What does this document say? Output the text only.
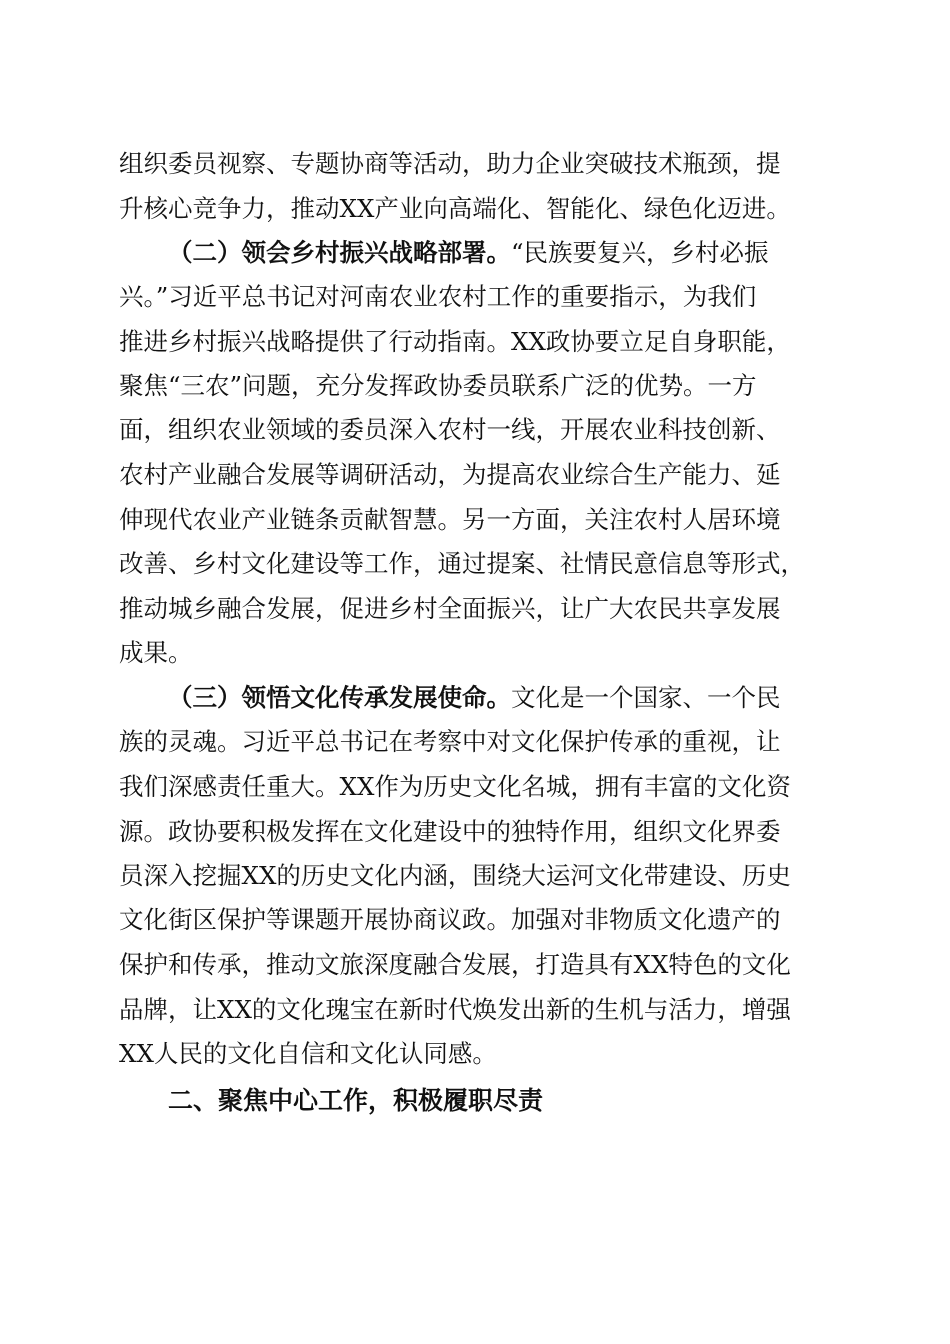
组织委员视察、专题协商等活动，助力企业突破技术瓶颈，提
升核心竞争力，推动XX产业向高端化、智能化、绿色化迈进。
（二）领会乡村振兴战略部署。“民族要复兴，乡村必振
兴。”习近平总书记对河南农业农村工作的重要指示，为我们
推进乡村振兴战略提供了行动指南。XX政协要立足自身职能，
聚焦“三农”问题，充分发挥政协委员联系广泛的优势。一方
面，组织农业领域的委员深入农村一线，开展农业科技创新、
农村产业融合发展等调研活动，为提高农业综合生产能力、延
伸现代农业产业链条贡献智慧。另一方面，关注农村人居环境
改善、乡村文化建设等工作，通过提案、社情民意信息等形式，
推动城乡融合发展，促进乡村全面振兴，让广大农民共享发展
成果。
（三）领悟文化传承发展使命。文化是一个国家、一个民
族的灵魂。习近平总书记在考察中对文化保护传承的重视，让
我们深感责任重大。XX作为历史文化名城，拥有丰富的文化资
源。政协要积极发挥在文化建设中的独特作用，组织文化界委
员深入挖掘XX的历史文化内涵，围绕大运河文化带建设、历史
文化街区保护等课题开展协商议政。加强对非物质文化遗产的
保护和传承，推动文旅深度融合发展，打造具有XX特色的文化
品牌，让XX的文化瑰宝在新时代焕发出新的生机与活力，增强
XX人民的文化自信和文化认同感。
二、聚焦中心工作，积极履职尽责
